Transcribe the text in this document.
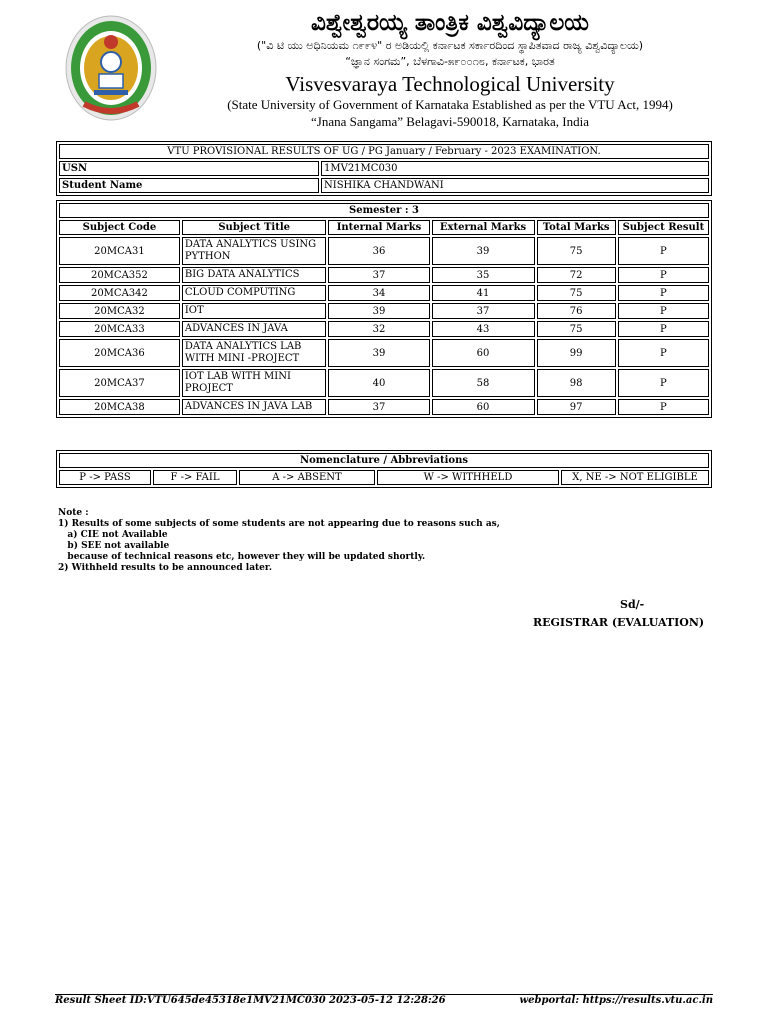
ವಿಶ್ವೇಶ್ವರಯ್ಯ ತಾಂತ್ರಿಕ ವಿಶ್ವವಿದ್ಯಾಲಯ

("ವಿ ಟಿ ಯು ಅಧಿನಿಯಮ ೧೯೯೪" ರ ಅಡಿಯಲ್ಲಿ ಕರ್ನಾಟಕ ಸರ್ಕಾರದಿಂದ ಸ್ಥಾಪಿತವಾದ ರಾಜ್ಯ ವಿಶ್ವವಿದ್ಯಾಲಯ)

“ಜ್ಞಾನ ಸಂಗಮ”, ಬೆಳಗಾವಿ-೫೯೦೦೧೮, ಕರ್ನಾಟಕ, ಭಾರತ

Visvesvaraya Technological University

(State University of Government of Karnataka Established as per the VTU Act, 1994)

“Jnana Sangama” Belagavi-590018, Karnataka, India

VTU PROVISIONAL RESULTS OF UG / PG January / February - 2023 EXAMINATION.	
USN	1MV21MC030
Student Name	NISHIKA CHANDWANI
Semester : 3					
Subject Code	Subject Title	Internal Marks	External Marks	Total Marks	Subject Result
20MCA31	DATA ANALYTICS USING PYTHON	36	39	75	P
20MCA352	BIG DATA ANALYTICS	37	35	72	P
20MCA342	CLOUD COMPUTING	34	41	75	P
20MCA32	IOT	39	37	76	P
20MCA33	ADVANCES IN JAVA	32	43	75	P
20MCA36	DATA ANALYTICS LAB WITH MINI -PROJECT	39	60	99	P
20MCA37	IOT LAB WITH MINI PROJECT	40	58	98	P
20MCA38	ADVANCES IN JAVA LAB	37	60	97	P
Nomenclature / Abbreviations
P -> PASS	F -> FAIL	A -> ABSENT	W -> WITHHELD	X, NE -> NOT ELIGIBLE
Note :
1) Results of some subjects of some students are not appearing due to reasons such as,
a) CIE not Available
b) SEE not available
because of technical reasons etc, however they will be updated shortly.
2) Withheld results to be announced later.
Sd/-
REGISTRAR (EVALUATION)
Result Sheet ID:VTU645de45318e1MV21MC030 2023-05-12 12:28:26	webportal: https://results.vtu.ac.in
